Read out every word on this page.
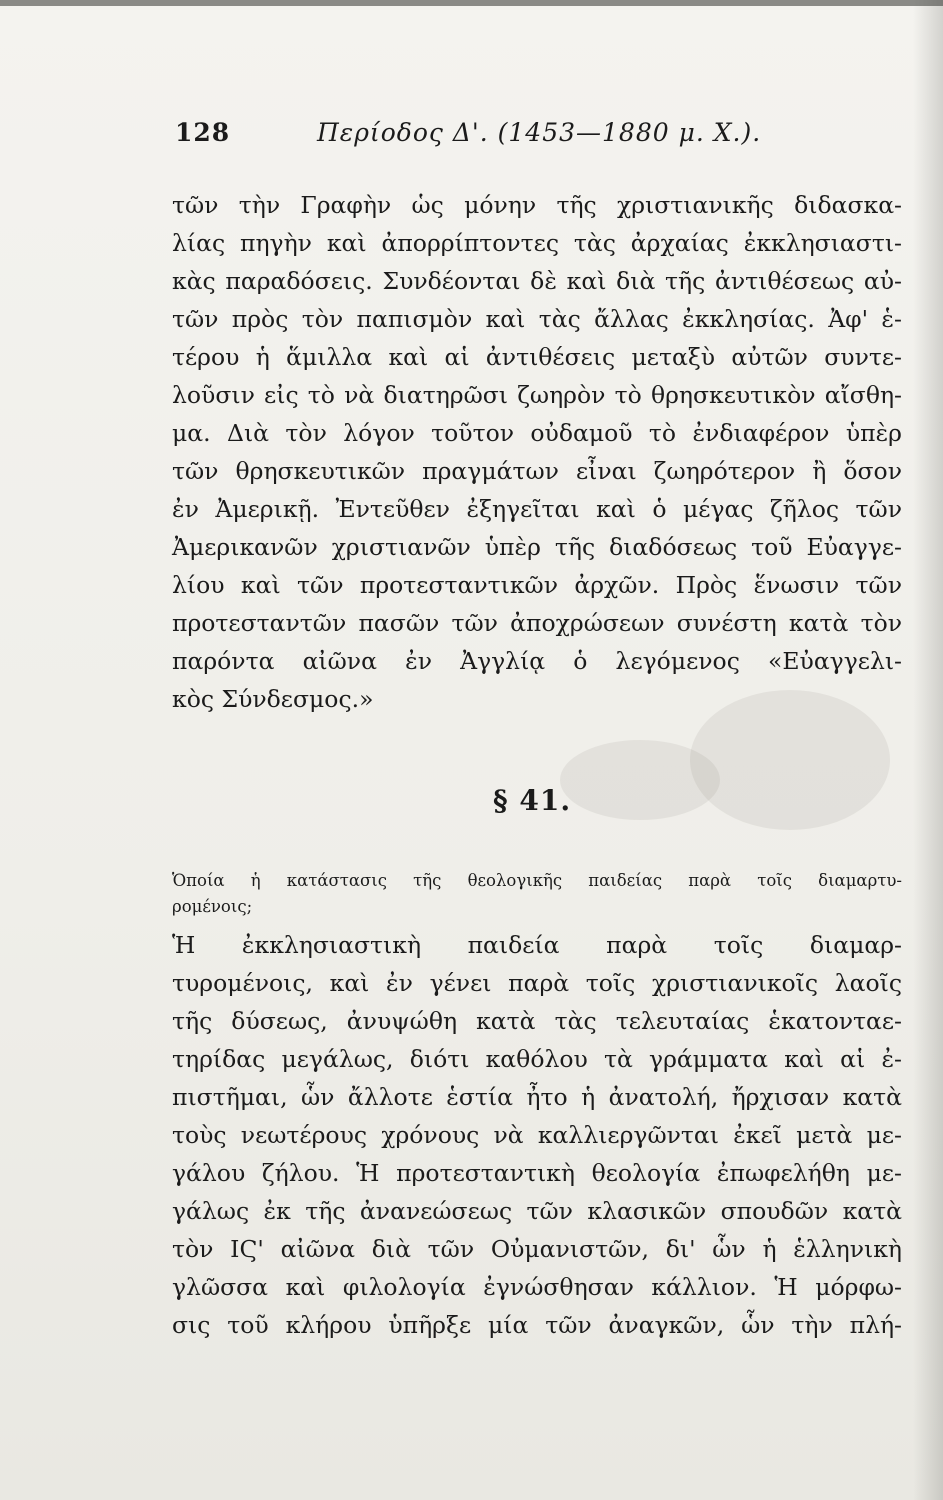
128	Περίοδος Δ'. (1453—1880 μ. Χ.).
τῶν τὴν Γραφὴν ὡς μόνην τῆς χριστιανικῆς διδασκα-
λίας πηγὴν καὶ ἀπορρίπτοντες τὰς ἀρχαίας ἐκκλησιαστι-
κὰς παραδόσεις. Συνδέονται δὲ καὶ διὰ τῆς ἀντιθέσεως αὐ-
τῶν πρὸς τὸν παπισμὸν καὶ τὰς ἄλλας ἐκκλησίας. Ἀφ' ἑ-
τέρου ἡ ἅμιλλα καὶ αἱ ἀντιθέσεις μεταξὺ αὐτῶν συντε-
λοῦσιν εἰς τὸ νὰ διατηρῶσι ζωηρὸν τὸ θρησκευτικὸν αἴσθη-
μα. Διὰ τὸν λόγον τοῦτον οὐδαμοῦ τὸ ἐνδιαφέρον ὑπὲρ
τῶν θρησκευτικῶν πραγμάτων εἶναι ζωηρότερον ἢ ὅσον
ἐν Ἀμερικῇ. Ἐντεῦθεν ἐξηγεῖται καὶ ὁ μέγας ζῆλος τῶν
Ἀμερικανῶν χριστιανῶν ὑπὲρ τῆς διαδόσεως τοῦ Εὐαγγε-
λίου καὶ τῶν προτεσταντικῶν ἀρχῶν. Πρὸς ἕνωσιν τῶν
προτεσταντῶν πασῶν τῶν ἀποχρώσεων συνέστη κατὰ τὸν
παρόντα αἰῶνα ἐν Ἀγγλίᾳ ὁ λεγόμενος «Εὐαγγελι-
κὸς Σύνδεσμος.»
§ 41.
Ὁποία ἡ κατάστασις τῆς θεολογικῆς παιδείας παρὰ τοῖς διαμαρτυ-
ρομένοις;
Ἡ ἐκκλησιαστικὴ παιδεία παρὰ τοῖς διαμαρ-
τυρομένοις, καὶ ἐν γένει παρὰ τοῖς χριστιανικοῖς λαοῖς
τῆς δύσεως, ἀνυψώθη κατὰ τὰς τελευταίας ἑκατονταε-
τηρίδας μεγάλως, διότι καθόλου τὰ γράμματα καὶ αἱ ἐ-
πιστῆμαι, ὧν ἄλλοτε ἑστία ἦτο ἡ ἀνατολή, ἤρχισαν κατὰ
τοὺς νεωτέρους χρόνους νὰ καλλιεργῶνται ἐκεῖ μετὰ με-
γάλου ζήλου. Ἡ προτεσταντικὴ θεολογία ἐπωφελήθη με-
γάλως ἐκ τῆς ἀνανεώσεως τῶν κλασικῶν σπουδῶν κατὰ
τὸν ΙϚ' αἰῶνα διὰ τῶν Οὐμανιστῶν, δι' ὧν ἡ ἑλληνικὴ
γλῶσσα καὶ φιλολογία ἐγνώσθησαν κάλλιον. Ἡ μόρφω-
σις τοῦ κλήρου ὑπῆρξε μία τῶν ἀναγκῶν, ὧν τὴν πλή-
